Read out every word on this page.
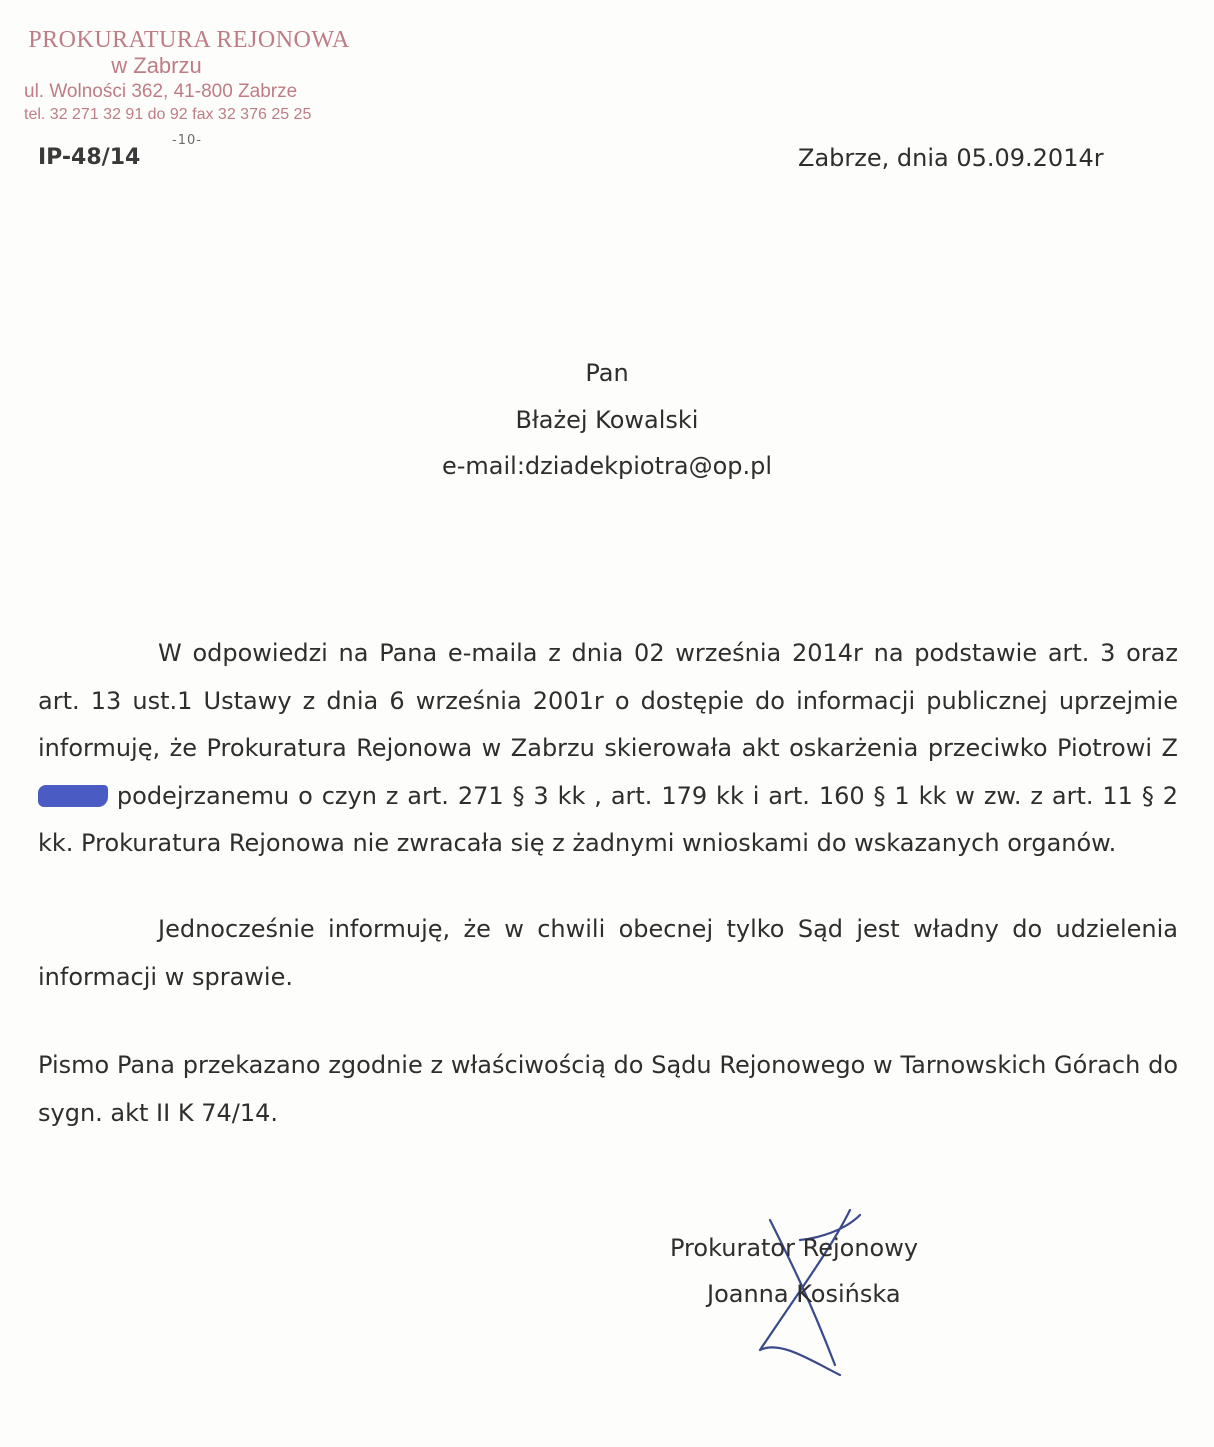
PROKURATURA REJONOWA
w Zabrzu
ul. Wolności 362, 41-800 Zabrze
tel. 32 271 32 91 do 92 fax 32 376 25 25
-10-
IP-48/14	Zabrze, dnia 05.09.2014r
Pan
Błażej Kowalski
e-mail:dziadekpiotra@op.pl

W odpowiedzi na Pana e-maila z dnia 02 września 2014r na podstawie art. 3 oraz art. 13 ust.1 Ustawy z dnia 6 września 2001r o dostępie do informacji publicznej uprzejmie informuję, że Prokuratura Rejonowa w Zabrzu skierowała akt oskarżenia przeciwko Piotrowi Z podejrzanemu o czyn z art. 271 § 3 kk , art. 179 kk i art. 160 § 1 kk w zw. z art. 11 § 2 kk. Prokuratura Rejonowa nie zwracała się z żadnymi wnioskami do wskazanych organów.

Jednocześnie informuję, że w chwili obecnej tylko Sąd jest władny do udzielenia informacji w sprawie.

Pismo Pana przekazano zgodnie z właściwością do Sądu Rejonowego w Tarnowskich Górach do sygn. akt II K 74/14.

Prokurator Rejonowy
Joanna Kosińska
